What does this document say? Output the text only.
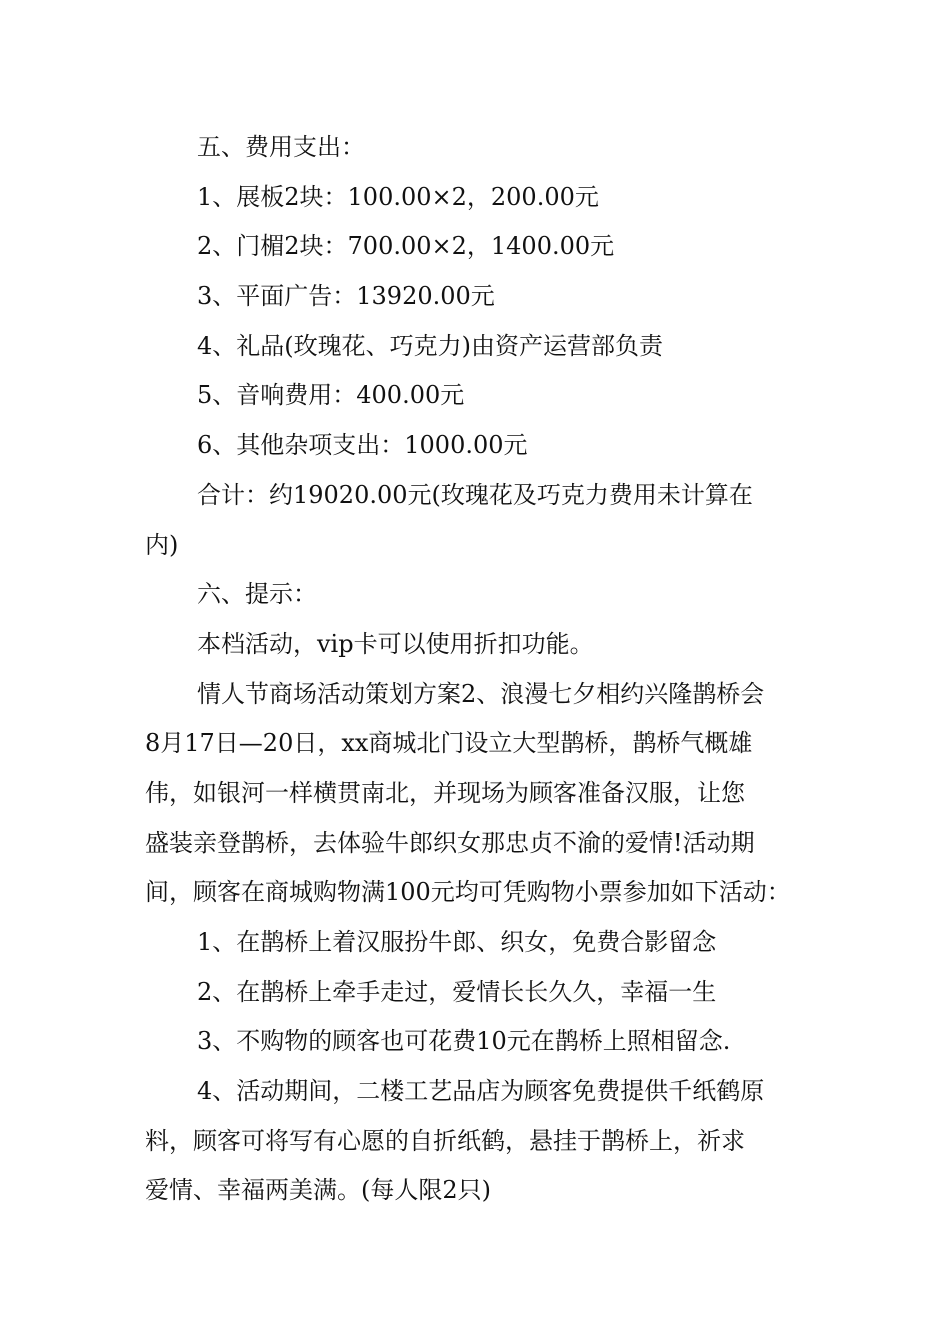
五、费用支出：
1、展板2块：100.00×2，200.00元
2、门楣2块：700.00×2，1400.00元
3、平面广告：13920.00元
4、礼品(玫瑰花、巧克力)由资产运营部负责
5、音响费用：400.00元
6、其他杂项支出：1000.00元
合计：约19020.00元(玫瑰花及巧克力费用未计算在
内)
六、提示：
本档活动，vip卡可以使用折扣功能。
情人节商场活动策划方案2、浪漫七夕相约兴隆鹊桥会
8月17日—20日，xx商城北门设立大型鹊桥，鹊桥气概雄
伟，如银河一样横贯南北，并现场为顾客准备汉服，让您
盛装亲登鹊桥，去体验牛郎织女那忠贞不渝的爱情!活动期
间，顾客在商城购物满100元均可凭购物小票参加如下活动：
1、在鹊桥上着汉服扮牛郎、织女，免费合影留念
2、在鹊桥上牵手走过，爱情长长久久，幸福一生
3、不购物的顾客也可花费10元在鹊桥上照相留念.
4、活动期间，二楼工艺品店为顾客免费提供千纸鹤原
料，顾客可将写有心愿的自折纸鹤，悬挂于鹊桥上，祈求
爱情、幸福两美满。(每人限2只)
